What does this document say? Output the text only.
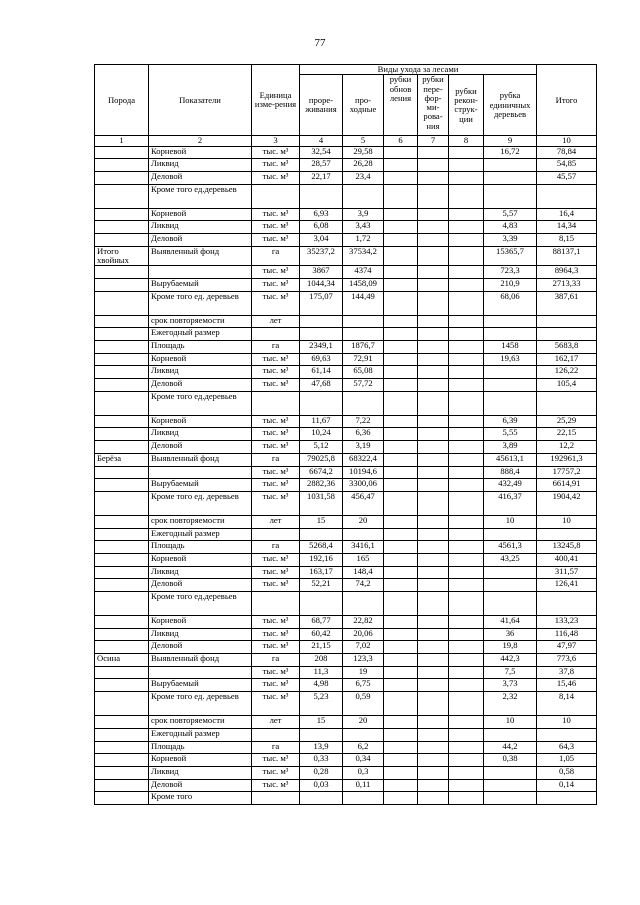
77
Порода	Показатели	Единица изме-рения	Виды ухода за лесами						Итого
			проре-живания	про-ходные	рубки обнов ления	рубки пере-фор-ми-рова-ния	рубки рекон-струк-ции	рубка единичных деревьев	
1	2	3	4	5	6	7	8	9	10
	Корневой	тыс. м³	32,54	29,58				16,72	78,84
	Ликвид	тыс. м³	28,57	26,28					54,85
	Деловой	тыс. м³	22,17	23,4					45,57
	Кроме того ед.деревьев								
	Корневой	тыс. м³	6,93	3,9				5,57	16,4
	Ликвид	тыс. м³	6,08	3,43				4,83	14,34
	Деловой	тыс. м³	3,04	1,72				3,39	8,15
Итого хвойных	Выявленный фонд	га	35237,2	37534,2				15365,7	88137,1
		тыс. м³	3867	4374				723,3	8964,3
	Вырубаемый	тыс. м³	1044,34	1458,09				210,9	2713,33
	Кроме того ед. деревьев	тыс. м³	175,07	144,49				68,06	387,61
	срок повторяемости	лет							
	Ежегодный размер								
	Площадь	га	2349,1	1876,7				1458	5683,8
	Корневой	тыс. м³	69,63	72,91				19,63	162,17
	Ликвид	тыс. м³	61,14	65,08					126,22
	Деловой	тыс. м³	47,68	57,72					105,4
	Кроме того ед.деревьев								
	Корневой	тыс. м³	11,67	7,22				6,39	25,29
	Ликвид	тыс. м³	10,24	6,36				5,55	22,15
	Деловой	тыс. м³	5,12	3,19				3,89	12,2
Берёза	Выявленный фонд	га	79025,8	68322,4				45613,1	192961,3
		тыс. м³	6674,2	10194,6				888,4	17757,2
	Вырубаемый	тыс. м³	2882,36	3300,06				432,49	6614,91
	Кроме того ед. деревьев	тыс. м³	1031,58	456,47				416,37	1904,42
	срок повторяемости	лет	15	20				10	10
	Ежегодный размер								
	Площадь	га	5268,4	3416,1				4561,3	13245,8
	Корневой	тыс. м³	192,16	165				43,25	400,41
	Ликвид	тыс. м³	163,17	148,4					311,57
	Деловой	тыс. м³	52,21	74,2					126,41
	Кроме того ед.деревьев								
	Корневой	тыс. м³	68,77	22,82				41,64	133,23
	Ликвид	тыс. м³	60,42	20,06				36	116,48
	Деловой	тыс. м³	21,15	7,02				19,8	47,97
Осина	Выявленный фонд	га	208	123,3				442,3	773,6
		тыс. м³	11,3	19				7,5	37,8
	Вырубаемый	тыс. м³	4,98	6,75				3,73	15,46
	Кроме того ед. деревьев	тыс. м³	5,23	0,59				2,32	8,14
	срок повторяемости	лет	15	20				10	10
	Ежегодный размер								
	Площадь	га	13,9	6,2				44,2	64,3
	Корневой	тыс. м³	0,33	0,34				0,38	1,05
	Ликвид	тыс. м³	0,28	0,3					0,58
	Деловой	тыс. м³	0,03	0,11					0,14
	Кроме того								
